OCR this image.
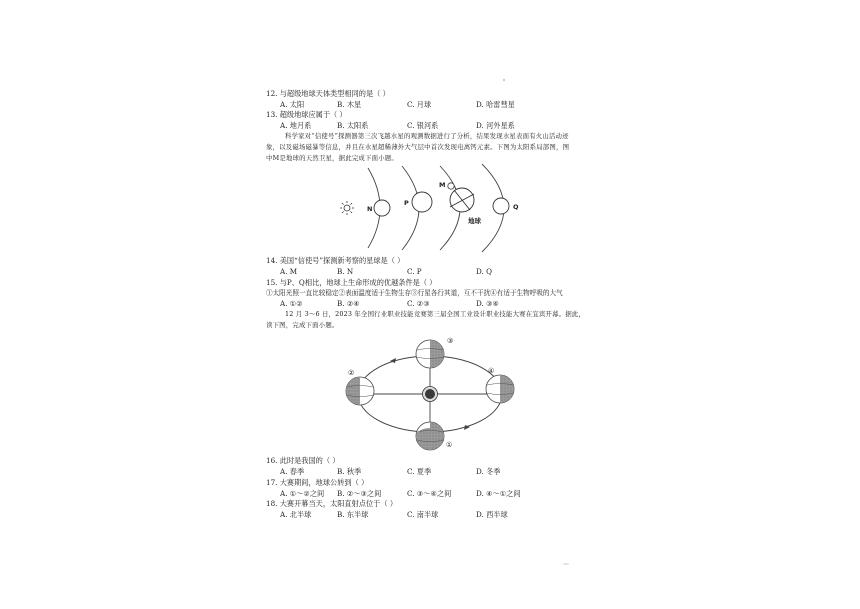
12. 与超级地球天体类型相同的是（ ）
A. 太阳	B. 木星	C. 月球	D. 哈雷彗星
13. 超级地球应属于（ ）
A. 地月系	B. 太阳系	C. 银河系	D. 河外星系
科学家对“信使号”探测器第三次飞越水星的观测数据进行了分析，结果发现水星表面有火山活动迹
象，以及磁场磁暴等信息，并且在水星超稀薄外大气层中首次发现电离钙元素。下图为太阳系局部图，图
中M是地球的天然卫星，据此完成下面小题。
N
P
M
地球
Q
14. 美国“信使号”探测新考察的星球是（ ）
A. M	B. N	C. P	D. Q
15. 与P、Q相比，地球上生命形成的优越条件是（ ）
①太阳光照一直比较稳定②表面温度适于生物生存③行星各行其道，互不干扰④有适于生物呼吸的大气
A. ①②	B. ②④	C. ②③	D. ③④
12 月 3～6 日，2023 年全国行业职业技能竞赛第三届全国工业设计职业技能大赛在宜宾开幕。据此，
读下图，完成下面小题。
③
②	④
①
16. 此时是我国的（ ）
A. 春季	B. 秋季	C. 夏季	D. 冬季
17. 大赛期间，地球公转到（ ）
A. ①～②之间 B. ②～③之间	C. ③～④之间	D. ④～①之间
18. 大赛开幕当天，太阳直射点位于（ ）
A. 北半球	B. 东半球	C. 南半球	D. 西半球
